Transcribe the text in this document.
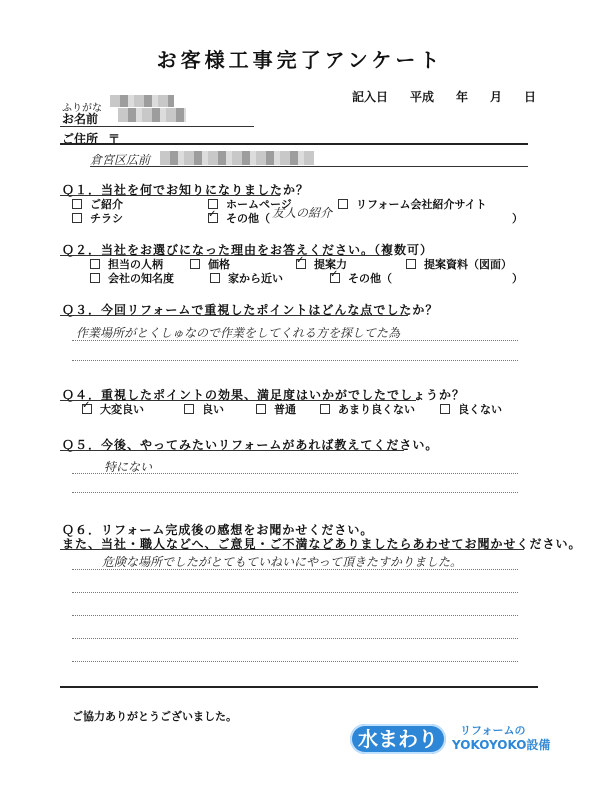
お客様工事完了アンケート
記入日 平成 年 月 日
ふりがな
お名前
ご住所 〒
倉宮区広前
Ｑ１．当社を何でお知りになりましたか？
ご紹介	ホームページ	リフォーム会社紹介サイト
チラシ ✓	その他（ 友人の紹介	）
Ｑ２．当社をお選びになった理由をお答えください。（複数可）
担当の人柄	価格 ✓	提案力	提案資料（図面）
会社の知名度	家から近い ✓	その他（	）
Ｑ３．今回リフォームで重視したポイントはどんな点でしたか？
作業場所がとくしゅなので作業をしてくれる方を探してた為
Ｑ４．重視したポイントの効果、満足度はいかがでしたでしょうか？
✓大変良い	良い	普通	あまり良くない	良くない
Ｑ５．今後、やってみたいリフォームがあれば教えてください。
特にない
Ｑ６．リフォーム完成後の感想をお聞かせください。
また、当社・職人などへ、ご意見・ご不満などありましたらあわせてお聞かせください。
危険な場所でしたがとてもていねいにやって頂きたすかりました。
ご協力ありがとうございました。
水まわり	リフォームの
YOKOYOKO設備
